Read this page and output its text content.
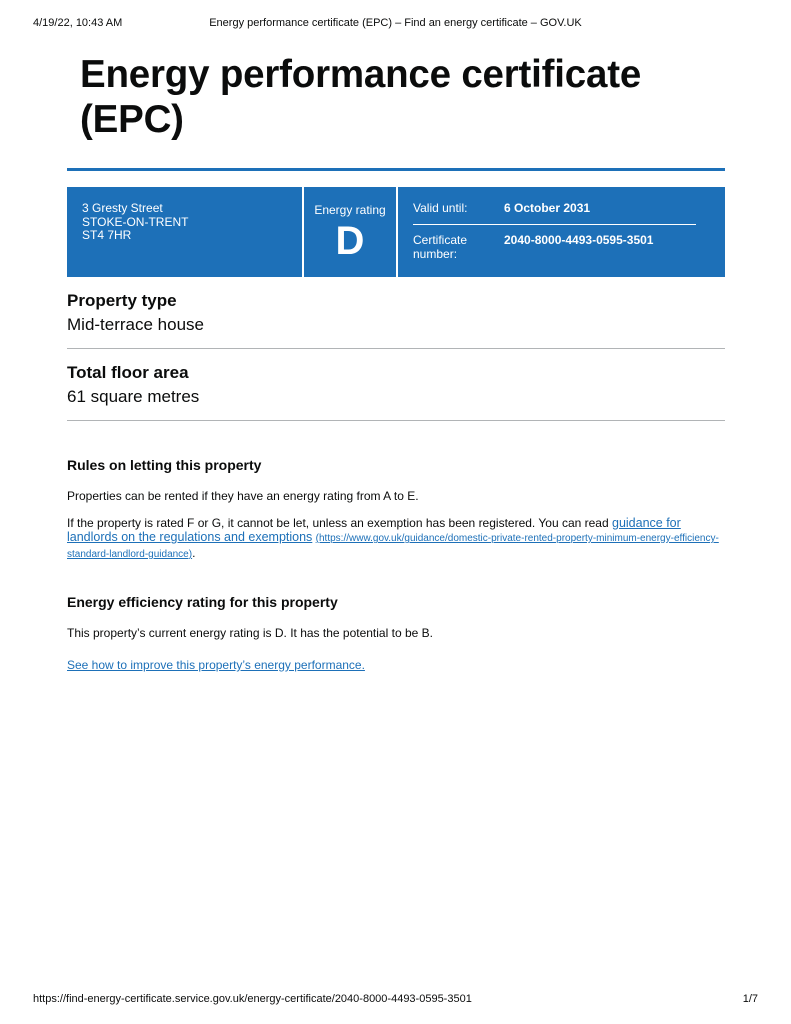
4/19/22, 10:43 AM	Energy performance certificate (EPC) – Find an energy certificate – GOV.UK
Energy performance certificate (EPC)
3 Gresty Street
STOKE-ON-TRENT
ST4 7HR
Energy rating
D
Valid until:	6 October 2031
Certificate
number:
2040-8000-4493-0595-3501
Property type
Mid-terrace house
Total floor area
61 square metres
Rules on letting this property

Properties can be rented if they have an energy rating from A to E.

If the property is rated F or G, it cannot be let, unless an exemption has been registered. You can read guidance for landlords on the regulations and exemptions (https://www.gov.uk/guidance/domestic-private-rented-property-minimum-energy-efficiency-standard-landlord-guidance).

Energy efficiency rating for this property

This property’s current energy rating is D. It has the potential to be B.

See how to improve this property’s energy performance.

https://find-energy-certificate.service.gov.uk/energy-certificate/2040-8000-4493-0595-3501	1/7
